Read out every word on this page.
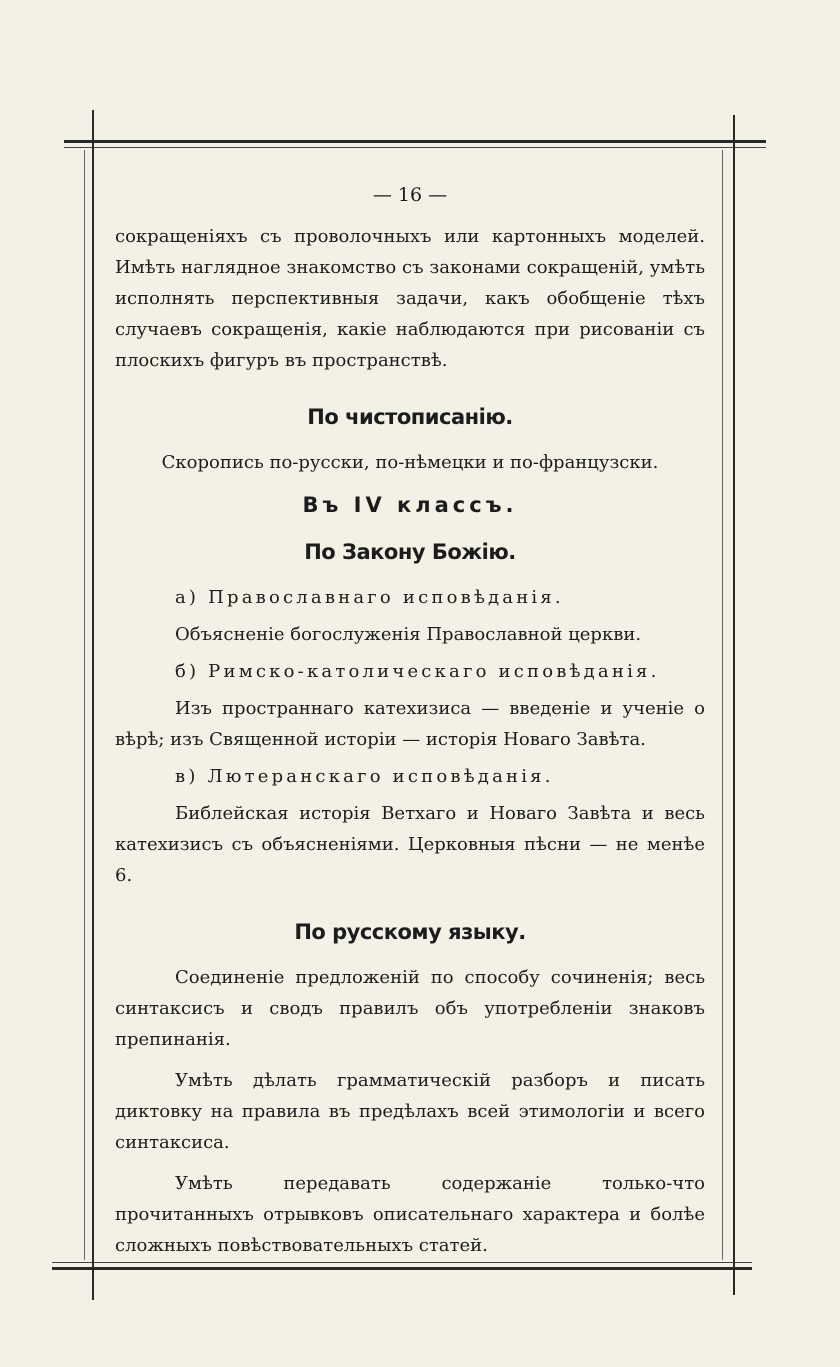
— 16 —

сокращеніяхъ съ проволочныхъ или картонныхъ моделей. Имѣть наглядное знакомство съ законами сокращеній, умѣть исполнять перспективныя задачи, какъ обобщеніе тѣхъ случаевъ сокращенія, какіе наблюдаются при рисованіи съ плоскихъ фигуръ въ пространствѣ.

По чистописанію.

Скоропись по-русски, по-нѣмецки и по-французски.

Въ IV классъ.
По Закону Божію.

а) Православнаго исповѣданія.

Объясненіе богослуженія Православной церкви.

б) Римско-католическаго исповѣданія.

Изъ пространнаго катехизиса — введеніе и ученіе о вѣрѣ; изъ Священной исторіи — исторія Новаго Завѣта.

в) Лютеранскаго исповѣданія.

Библейская исторія Ветхаго и Новаго Завѣта и весь катехизисъ съ объясненіями. Церковныя пѣсни — не менѣе 6.

По русскому языку.

Соединеніе предложеній по способу сочиненія; весь синтаксисъ и сводъ правилъ объ употребленіи знаковъ препинанія.

Умѣть дѣлать грамматическій разборъ и писать диктовку на правила въ предѣлахъ всей этимологіи и всего синтаксиса.

Умѣть передавать содержаніе только-что прочитанныхъ отрывковъ описательнаго характера и болѣе сложныхъ повѣствовательныхъ статей.
